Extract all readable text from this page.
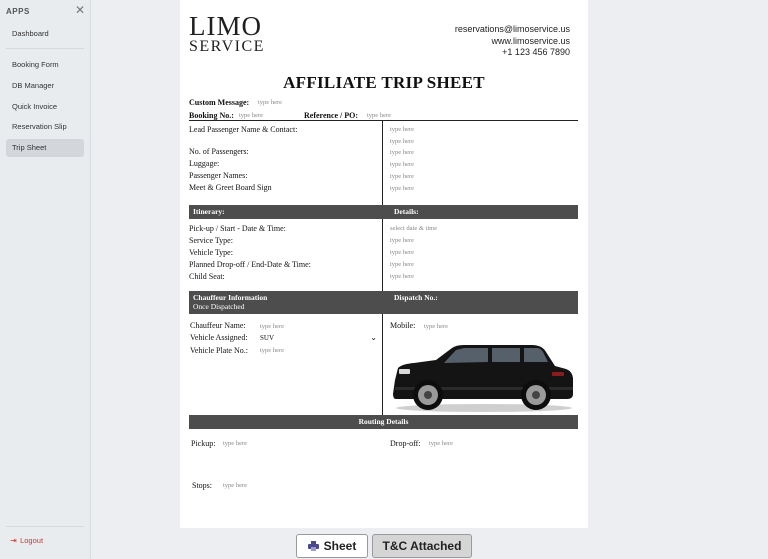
APPS	✕
Dashboard
Booking Form
DB Manager
Quick Invoice
Reservation Slip
Trip Sheet
⇥ Logout
LIMO
SERVICE
reservations@limoservice.us
www.limoservice.us
+1 123 456 7890
AFFILIATE TRIP SHEET
Custom Message: type here
Booking No.: type here	Reference / PO: type here
Lead Passenger Name & Contact:	type here
type here
No. of Passengers:	type here
Luggage:	type here
Passenger Names:	type here
Meet & Greet Board Sign	type here
Itinerary:	Details:
Pick-up / Start - Date & Time:	select date & time
Service Type:	type here
Vehicle Type:	type here
Planned Drop-off / End-Date & Time:	type here
Child Seat:	type here
Chauffeur Information
Once Dispatched
Dispatch No.:
Chauffeur Name: type here
Vehicle Assigned: SUV	⌄
Vehicle Plate No.: type here
Mobile: type here
Routing Details
Pickup: type here	Drop-off: type here
Stops: type here
Sheet	T&C Attached
